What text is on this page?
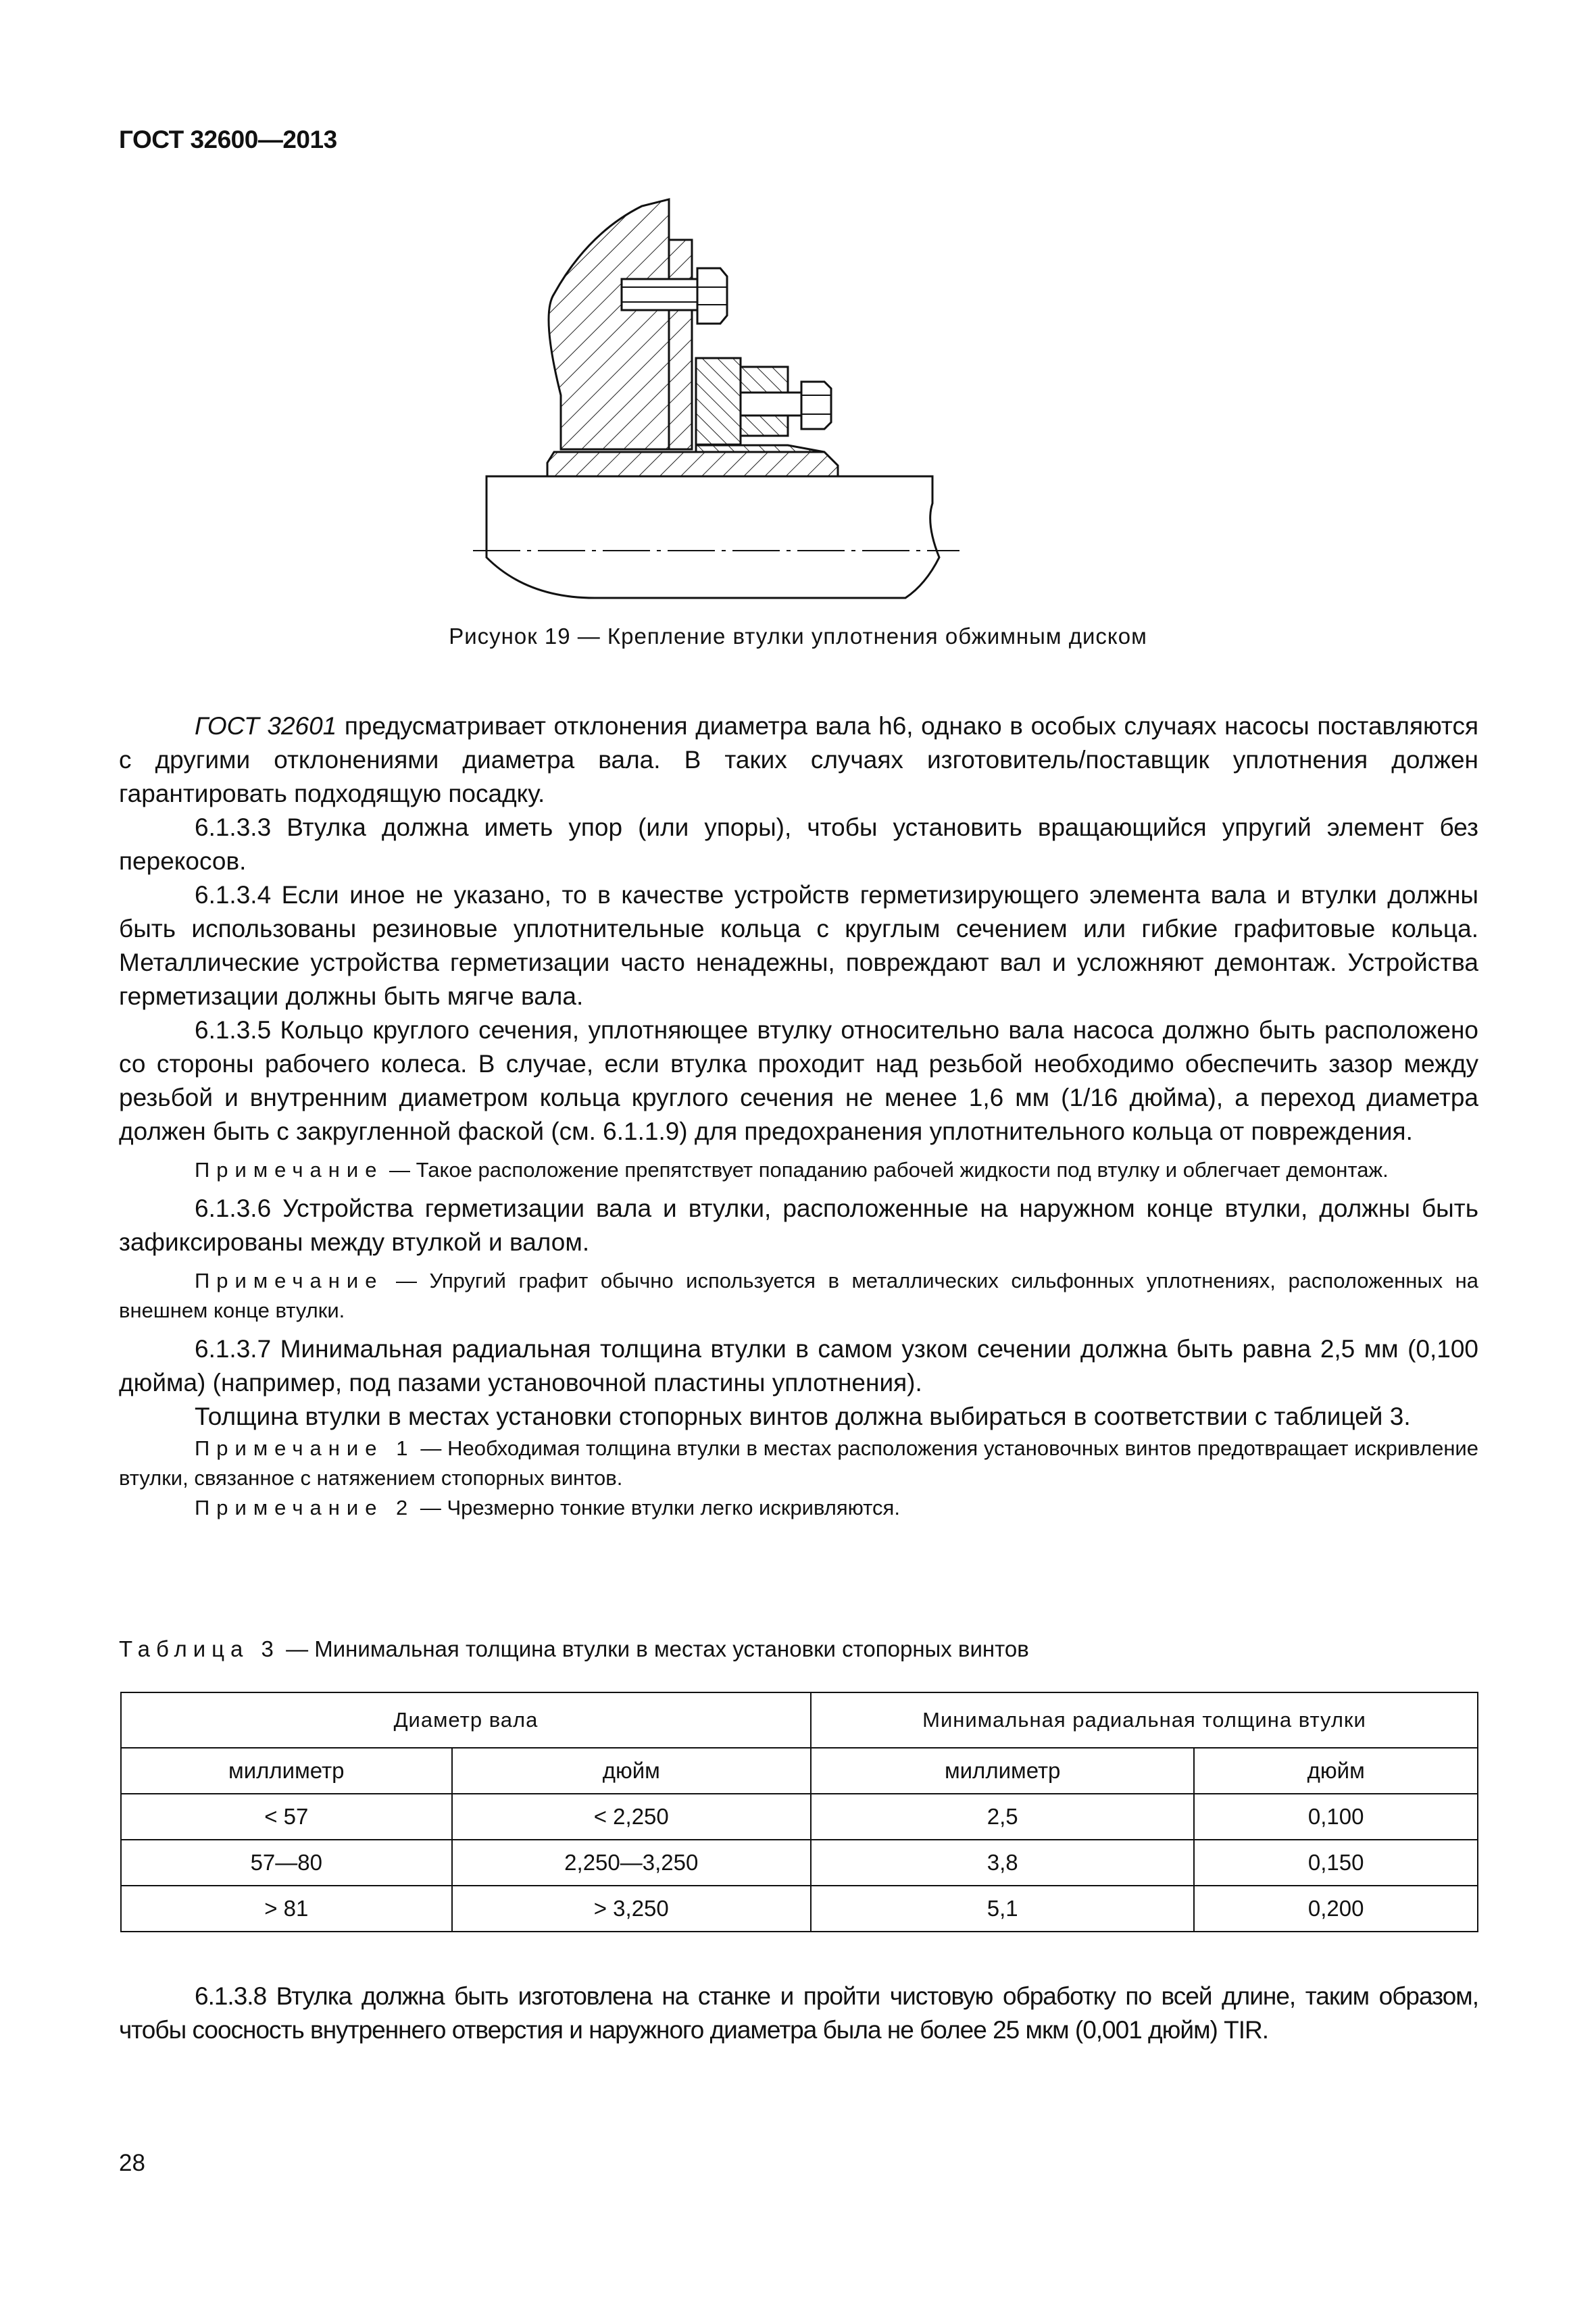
ГОСТ 32600—2013
Рисунок 19 — Крепление втулки уплотнения обжимным диском

ГОСТ 32601 предусматривает отклонения диаметра вала h6, однако в особых случаях насосы поставляются с другими отклонениями диаметра вала. В таких случаях изготовитель/поставщик уплотнения должен гарантировать подходящую посадку.

6.1.3.3 Втулка должна иметь упор (или упоры), чтобы установить вращающийся упругий элемент без перекосов.

6.1.3.4 Если иное не указано, то в качестве устройств герметизирующего элемента вала и втулки должны быть использованы резиновые уплотнительные кольца с круглым сечением или гибкие графитовые кольца. Металлические устройства герметизации часто ненадежны, повреждают вал и усложняют демонтаж. Устройства герметизации должны быть мягче вала.

6.1.3.5 Кольцо круглого сечения, уплотняющее втулку относительно вала насоса должно быть расположено со стороны рабочего колеса. В случае, если втулка проходит над резьбой необходимо обеспечить зазор между резьбой и внутренним диаметром кольца круглого сечения не менее 1,6 мм (1/16 дюйма), а переход диаметра должен быть с закругленной фаской (см. 6.1.1.9) для предохранения уплотнительного кольца от повреждения.

Примечание — Такое расположение препятствует попаданию рабочей жидкости под втулку и облегчает демонтаж.

6.1.3.6 Устройства герметизации вала и втулки, расположенные на наружном конце втулки, должны быть зафиксированы между втулкой и валом.

Примечание — Упругий графит обычно используется в металлических сильфонных уплотнениях, расположенных на внешнем конце втулки.

6.1.3.7 Минимальная радиальная толщина втулки в самом узком сечении должна быть равна 2,5 мм (0,100 дюйма) (например, под пазами установочной пластины уплотнения).

Толщина втулки в местах установки стопорных винтов должна выбираться в соответствии с таблицей 3.

Примечание 1 — Необходимая толщина втулки в местах расположения установочных винтов предотвращает искривление втулки, связанное с натяжением стопорных винтов.

Примечание 2 — Чрезмерно тонкие втулки легко искривляются.

Таблица 3 — Минимальная толщина втулки в местах установки стопорных винтов
Диаметр вала		Минимальная радиальная толщина втулки	
миллиметр	дюйм	миллиметр	дюйм
< 57	< 2,250	2,5	0,100
57—80	2,250—3,250	3,8	0,150
> 81	> 3,250	5,1	0,200

6.1.3.8 Втулка должна быть изготовлена на станке и пройти чистовую обработку по всей длине, таким образом, чтобы соосность внутреннего отверстия и наружного диаметра была не более 25 мкм (0,001 дюйм) TIR.

28
